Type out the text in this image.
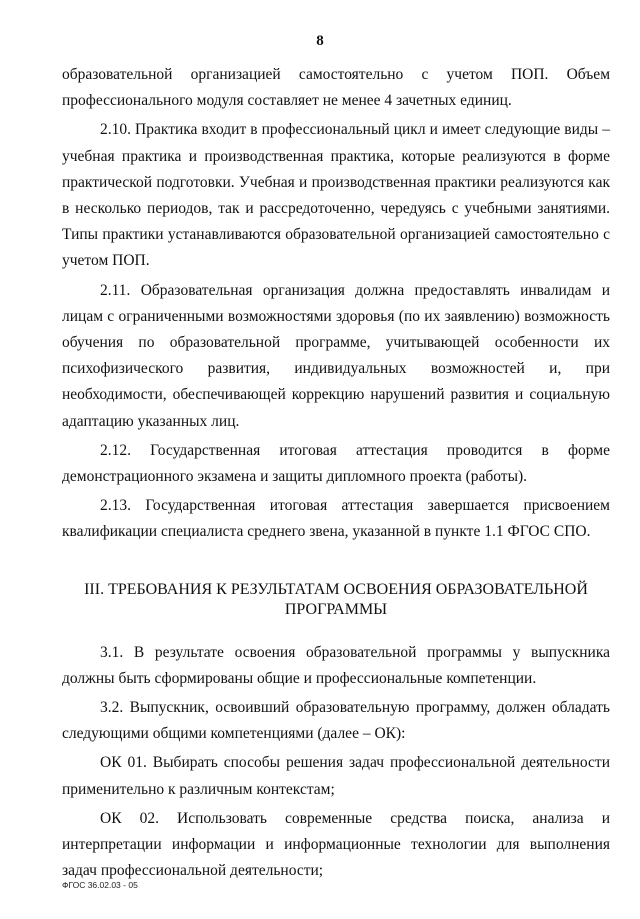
8

образовательной организацией самостоятельно с учетом ПОП. Объем профессионального модуля составляет не менее 4 зачетных единиц.

2.10. Практика входит в профессиональный цикл и имеет следующие виды – учебная практика и производственная практика, которые реализуются в форме практической подготовки. Учебная и производственная практики реализуются как в несколько периодов, так и рассредоточенно, чередуясь с учебными занятиями. Типы практики устанавливаются образовательной организацией самостоятельно с учетом ПОП.

2.11. Образовательная организация должна предоставлять инвалидам и лицам с ограниченными возможностями здоровья (по их заявлению) возможность обучения по образовательной программе, учитывающей особенности их психофизического развития, индивидуальных возможностей и, при необходимости, обеспечивающей коррекцию нарушений развития и социальную адаптацию указанных лиц.

2.12. Государственная итоговая аттестация проводится в форме демонстрационного экзамена и защиты дипломного проекта (работы).

2.13. Государственная итоговая аттестация завершается присвоением квалификации специалиста среднего звена, указанной в пункте 1.1 ФГОС СПО.

III. ТРЕБОВАНИЯ К РЕЗУЛЬТАТАМ ОСВОЕНИЯ ОБРАЗОВАТЕЛЬНОЙ ПРОГРАММЫ

3.1. В результате освоения образовательной программы у выпускника должны быть сформированы общие и профессиональные компетенции.

3.2. Выпускник, освоивший образовательную программу, должен обладать следующими общими компетенциями (далее – ОК):

ОК 01. Выбирать способы решения задач профессиональной деятельности применительно к различным контекстам;

ОК 02. Использовать современные средства поиска, анализа и интерпретации информации и информационные технологии для выполнения задач профессиональной деятельности;

ФГОС 36.02.03 - 05
